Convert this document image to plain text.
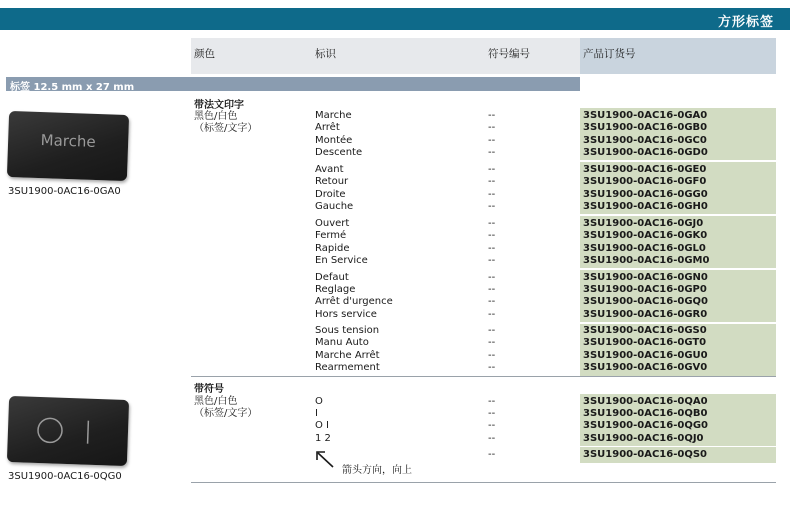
方形标签
颜色	标识	符号编号	产品订货号
标签 12.5 mm x 27 mm
带法文印字
黑色/白色
（标签/文字）
Marche
3SU1900-0AC16-0GA0
Marche	--	3SU1900-0AC16-0GA0
Arrêt	--	3SU1900-0AC16-0GB0
Montée	--	3SU1900-0AC16-0GC0
Descente	--	3SU1900-0AC16-0GD0
Avant	--	3SU1900-0AC16-0GE0
Retour	--	3SU1900-0AC16-0GF0
Droite	--	3SU1900-0AC16-0GG0
Gauche	--	3SU1900-0AC16-0GH0
Ouvert	--	3SU1900-0AC16-0GJ0
Fermé	--	3SU1900-0AC16-0GK0
Rapide	--	3SU1900-0AC16-0GL0
En Service	--	3SU1900-0AC16-0GM0
Defaut	--	3SU1900-0AC16-0GN0
Reglage	--	3SU1900-0AC16-0GP0
Arrêt d'urgence	--	3SU1900-0AC16-0GQ0
Hors service	--	3SU1900-0AC16-0GR0
Sous tension	--	3SU1900-0AC16-0GS0
Manu Auto	--	3SU1900-0AC16-0GT0
Marche Arrêt	--	3SU1900-0AC16-0GU0
Rearmement	--	3SU1900-0AC16-0GV0
带符号
黑色/白色
（标签/文字）
3SU1900-0AC16-0QG0
O	--	3SU1900-0AC16-0QA0
I	--	3SU1900-0AC16-0QB0
O I	--	3SU1900-0AC16-0QG0
1 2	--	3SU1900-0AC16-0QJ0
箭头方向，向上
--	3SU1900-0AC16-0QS0
